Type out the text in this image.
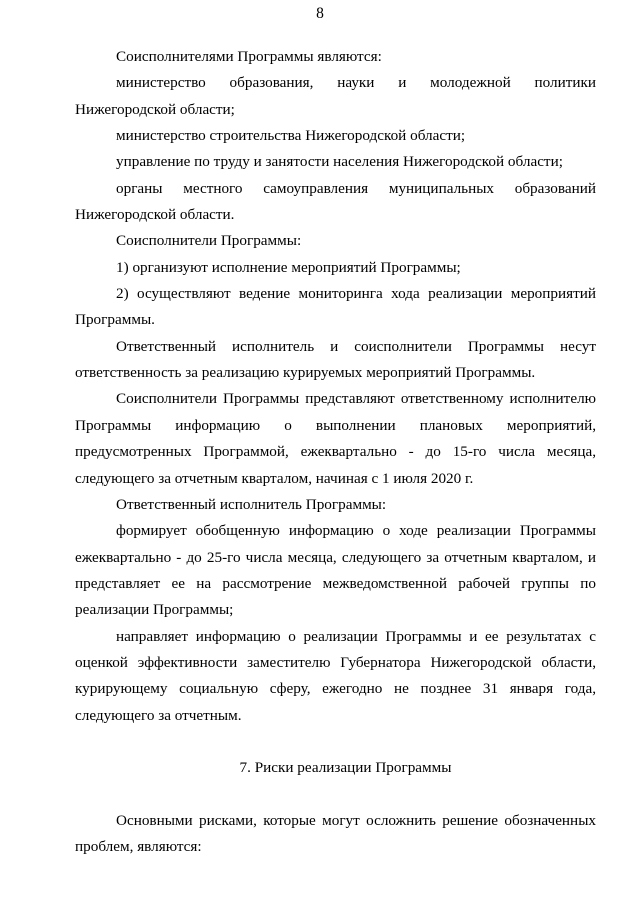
8

Соисполнителями Программы являются:

министерство образования, науки и молодежной политики Нижегородской области;

министерство строительства Нижегородской области;

управление по труду и занятости населения Нижегородской области;

органы местного самоуправления муниципальных образований Нижегородской области.

Соисполнители Программы:

1) организуют исполнение мероприятий Программы;

2) осуществляют ведение мониторинга хода реализации мероприятий Программы.

Ответственный исполнитель и соисполнители Программы несут ответственность за реализацию курируемых мероприятий Программы.

Соисполнители Программы представляют ответственному исполнителю Программы информацию о выполнении плановых мероприятий, предусмотренных Программой, ежеквартально - до 15-го числа месяца, следующего за отчетным кварталом, начиная с 1 июля 2020 г.

Ответственный исполнитель Программы:

формирует обобщенную информацию о ходе реализации Программы ежеквартально - до 25-го числа месяца, следующего за отчетным кварталом, и представляет ее на рассмотрение межведомственной рабочей группы по реализации Программы;

направляет информацию о реализации Программы и ее результатах с оценкой эффективности заместителю Губернатора Нижегородской области, курирующему социальную сферу, ежегодно не позднее 31 января года, следующего за отчетным.

7. Риски реализации Программы

Основными рисками, которые могут осложнить решение обозначенных проблем, являются:
